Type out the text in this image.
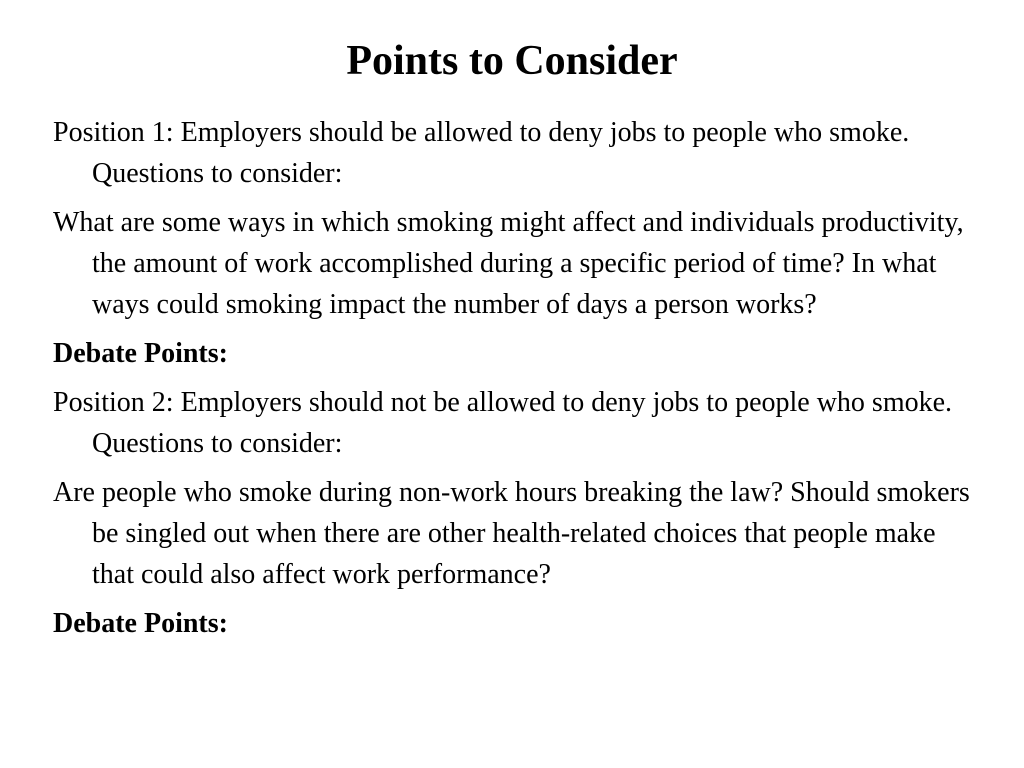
Points to Consider

Position 1: Employers should be allowed to deny jobs to people who smoke. Questions to consider:

What are some ways in which smoking might affect and individuals productivity, the amount of work accomplished during a specific period of time? In what ways could smoking impact the number of days a person works?

Debate Points:

Position 2: Employers should not be allowed to deny jobs to people who smoke. Questions to consider:

Are people who smoke during non-work hours breaking the law? Should smokers be singled out when there are other health-related choices that people make that could also affect work performance?

Debate Points:
